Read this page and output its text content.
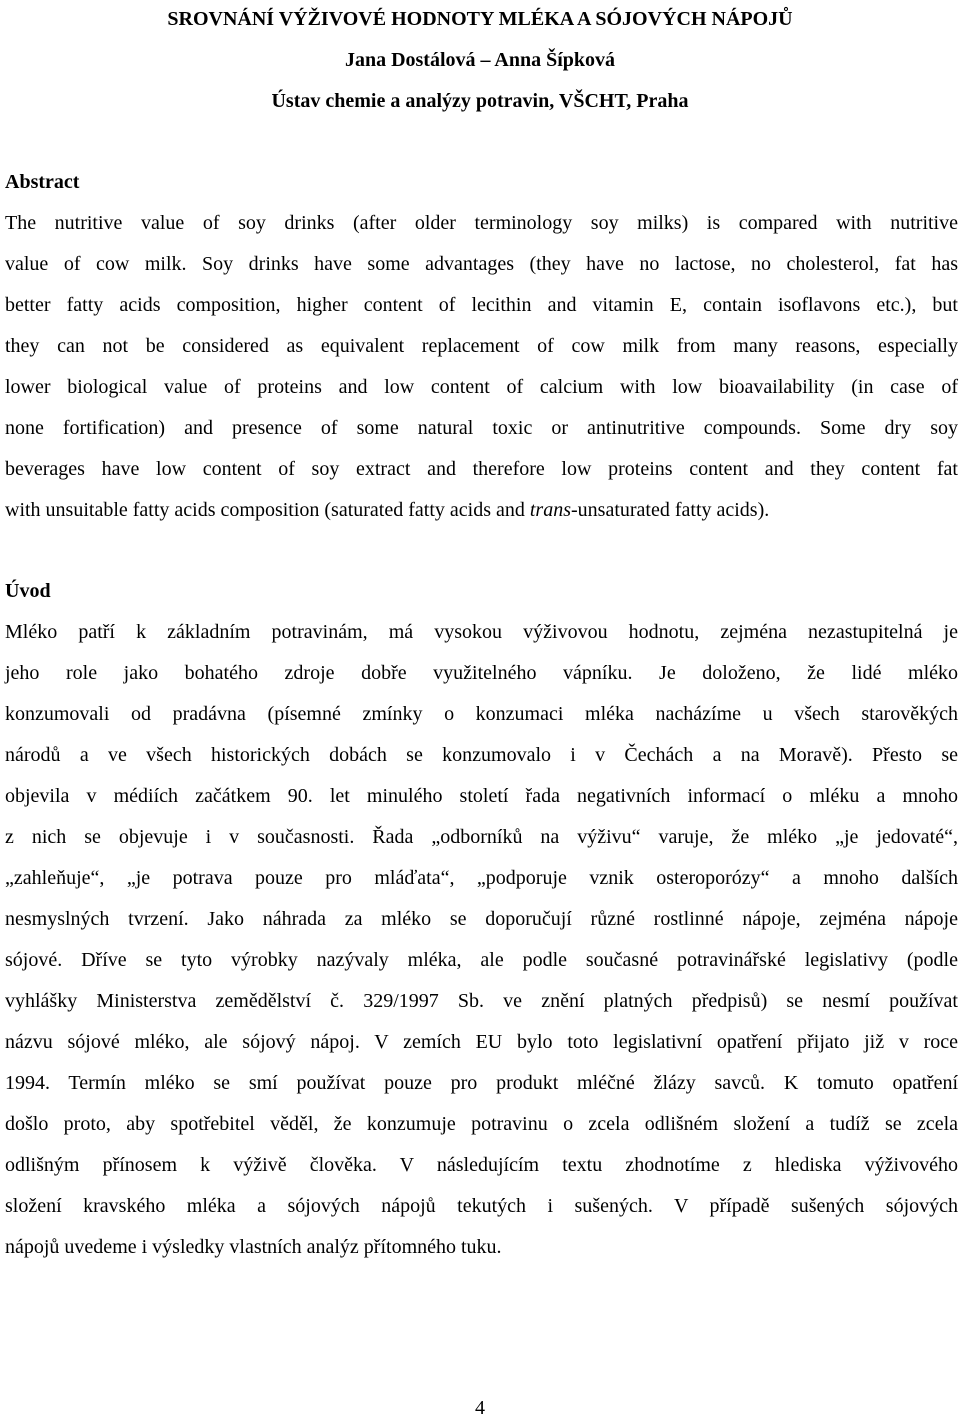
SROVNÁNÍ VÝŽIVOVÉ HODNOTY MLÉKA A SÓJOVÝCH NÁPOJŮ
Jana Dostálová – Anna Šípková
Ústav chemie a analýzy potravin, VŠCHT, Praha
Abstract
The nutritive value of soy drinks (after older terminology soy milks) is compared with nutritive
value of cow milk. Soy drinks have some advantages (they have no lactose, no cholesterol, fat has
better fatty acids composition, higher content of lecithin and vitamin E, contain isoflavons etc.), but
they can not be considered as equivalent replacement of cow milk from many reasons, especially
lower biological value of proteins and low content of calcium with low bioavailability (in case of
none fortification) and presence of some natural toxic or antinutritive compounds. Some dry soy
beverages have low content of soy extract and therefore low proteins content and they content fat
with unsuitable fatty acids composition (saturated fatty acids and trans-unsaturated fatty acids).
Úvod
Mléko patří k základním potravinám, má vysokou výživovou hodnotu, zejména nezastupitelná je
jeho role jako bohatého zdroje dobře využitelného vápníku. Je doloženo, že lidé mléko
konzumovali od pradávna (písemné zmínky o konzumaci mléka nacházíme u všech starověkých
národů a ve všech historických dobách se konzumovalo i v Čechách a na Moravě). Přesto se
objevila v médiích začátkem 90. let minulého století řada negativních informací o mléku a mnoho
z nich se objevuje i v současnosti. Řada „odborníků na výživu“ varuje, že mléko „je jedovaté“,
„zahleňuje“, „je potrava pouze pro mláďata“, „podporuje vznik osteroporózy“ a mnoho dalších
nesmyslných tvrzení. Jako náhrada za mléko se doporučují různé rostlinné nápoje, zejména nápoje
sójové. Dříve se tyto výrobky nazývaly mléka, ale podle současné potravinářské legislativy (podle
vyhlášky Ministerstva zemědělství č. 329/1997 Sb. ve znění platných předpisů) se nesmí používat
názvu sójové mléko, ale sójový nápoj. V zemích EU bylo toto legislativní opatření přijato již v roce
1994. Termín mléko se smí používat pouze pro produkt mléčné žlázy savců. K tomuto opatření
došlo proto, aby spotřebitel věděl, že konzumuje potravinu o zcela odlišném složení a tudíž se zcela
odlišným přínosem k výživě člověka. V následujícím textu zhodnotíme z hlediska výživového
složení kravského mléka a sójových nápojů tekutých i sušených. V případě sušených sójových
nápojů uvedeme i výsledky vlastních analýz přítomného tuku.
4
